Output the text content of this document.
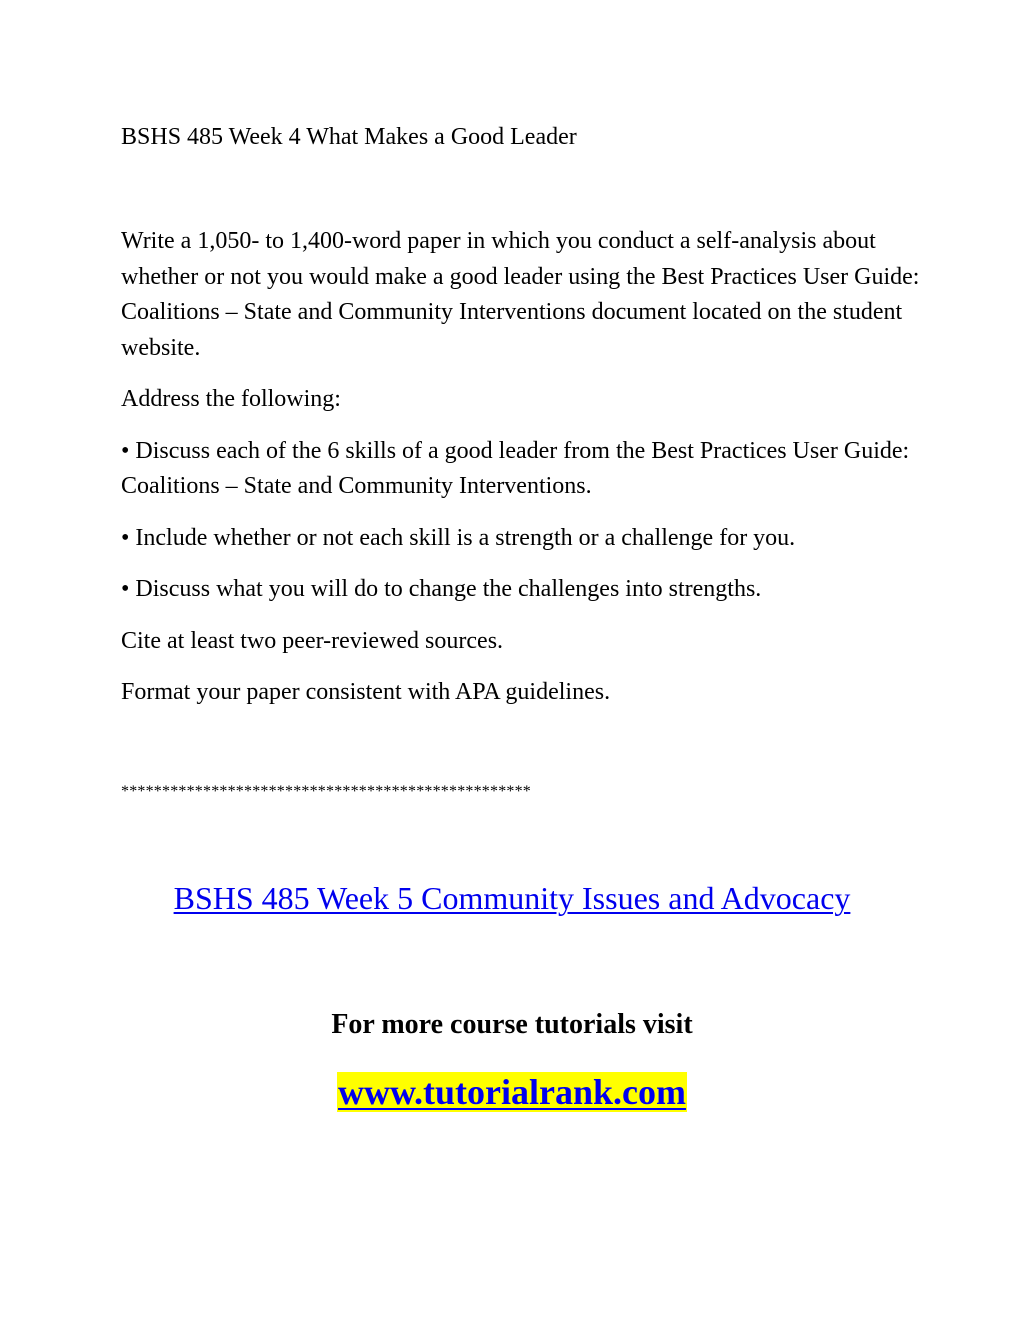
BSHS 485 Week 4 What Makes a Good Leader

Write a 1,050- to 1,400-word paper in which you conduct a self-analysis about whether or not you would make a good leader using the Best Practices User Guide: Coalitions – State and Community Interventions document located on the student website.

Address the following:

• Discuss each of the 6 skills of a good leader from the Best Practices User Guide: Coalitions – State and Community Interventions.

• Include whether or not each skill is a strength or a challenge for you.

• Discuss what you will do to change the challenges into strengths.

Cite at least two peer-reviewed sources.

Format your paper consistent with APA guidelines.

**************************************************
BSHS 485 Week 5 Community Issues and Advocacy
For more course tutorials visit
www.tutorialrank.com
